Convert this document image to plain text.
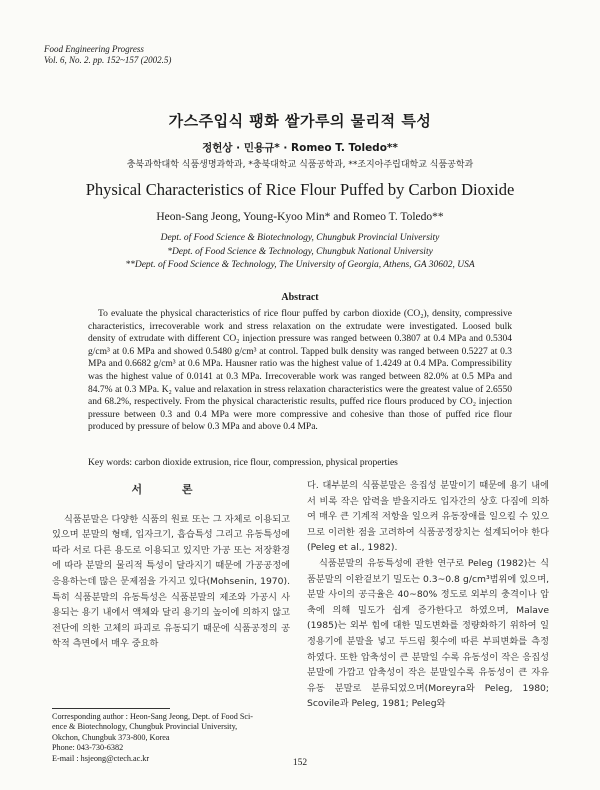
Food Engineering Progress
Vol. 6, No. 2. pp. 152~157 (2002.5)
가스주입식 팽화 쌀가루의 물리적 특성
정헌상 · 민용규* · Romeo T. Toledo**
충북과학대학 식품생명과학과, *충북대학교 식품공학과, **조지아주립대학교 식품공학과
Physical Characteristics of Rice Flour Puffed by Carbon Dioxide
Heon-Sang Jeong, Young-Kyoo Min* and Romeo T. Toledo**
Dept. of Food Science & Biotechnology, Chungbuk Provincial University
*Dept. of Food Science & Technology, Chungbuk National University
**Dept. of Food Science & Technology, The University of Georgia, Athens, GA 30602, USA
Abstract
To evaluate the physical characteristics of rice flour puffed by carbon dioxide (CO₂), density, compressive characteristics, irrecoverable work and stress relaxation on the extrudate were investigated. Loosed bulk density of extrudate with different CO₂ injection pressure was ranged between 0.3807 at 0.4 MPa and 0.5304 g/cm³ at 0.6 MPa and showed 0.5480 g/cm³ at control. Tapped bulk density was ranged between 0.5227 at 0.3 MPa and 0.6682 g/cm³ at 0.6 MPa. Hausner ratio was the highest value of 1.4249 at 0.4 MPa. Compressibility was the highest value of 0.0141 at 0.3 MPa. Irrecoverable work was ranged between 82.0% at 0.5 MPa and 84.7% at 0.3 MPa. K₂ value and relaxation in stress relaxation characteristics were the greatest value of 2.6550 and 68.2%, respectively. From the physical characteristic results, puffed rice flours produced by CO₂ injection pressure between 0.3 and 0.4 MPa were more compressive and cohesive than those of puffed rice flour produced by pressure of below 0.3 MPa and above 0.4 MPa.
Key words: carbon dioxide extrusion, rice flour, compression, physical properties
서 론

식품분말은 다양한 식품의 원료 또는 그 자체로 이용되고 있으며 분말의 형태, 입자크기, 흡습특성 그리고 유동특성에 따라 서로 다른 용도로 이용되고 있지만 가공 또는 저장환경에 따라 분말의 물리적 특성이 달라지기 때문에 가공공정에 응용하는데 많은 문제점을 가지고 있다(Mohsenin, 1970). 특히 식품분말의 유동특성은 식품분말의 제조와 가공시 사용되는 용기 내에서 액체와 달리 용기의 높이에 의하지 않고 전단에 의한 고체의 파괴로 유동되기 때문에 식품공정의 공학적 측면에서 매우 중요하

다. 대부분의 식품분말은 응집성 분말이기 때문에 용기 내에서 비록 작은 압력을 받을지라도 입자간의 상호 다짐에 의하여 매우 큰 기계적 저항을 일으켜 유동장애를 일으킬 수 있으므로 이러한 점을 고려하여 식품공정장치는 설계되어야 한다(Peleg et al., 1982).

식품분말의 유동특성에 관한 연구로 Peleg (1982)는 식품분말의 이완겉보기 밀도는 0.3~0.8 g/cm³범위에 있으며, 분말 사이의 공극율은 40~80% 정도로 외부의 충격이나 압축에 의해 밀도가 쉽게 증가한다고 하였으며, Malave (1985)는 외부 힘에 대한 밀도변화를 정량화하기 위하여 일정용기에 분말을 넣고 두드림 횟수에 따른 부피변화를 측정하였다. 또한 압축성이 큰 분말일 수록 유동성이 작은 응집성 분말에 가깝고 압축성이 작은 분말일수록 유동성이 큰 자유 유동 분말로 분류되었으며(Moreyra와 Peleg, 1980; Scovile과 Peleg, 1981; Peleg와

Corresponding author : Heon-Sang Jeong, Dept. of Food Sci-
ence & Biotechnology, Chungbuk Provincial University,
Okchon, Chungbuk 373-800, Korea
Phone: 043-730-6382
E-mail : hsjeong@ctech.ac.kr	152
